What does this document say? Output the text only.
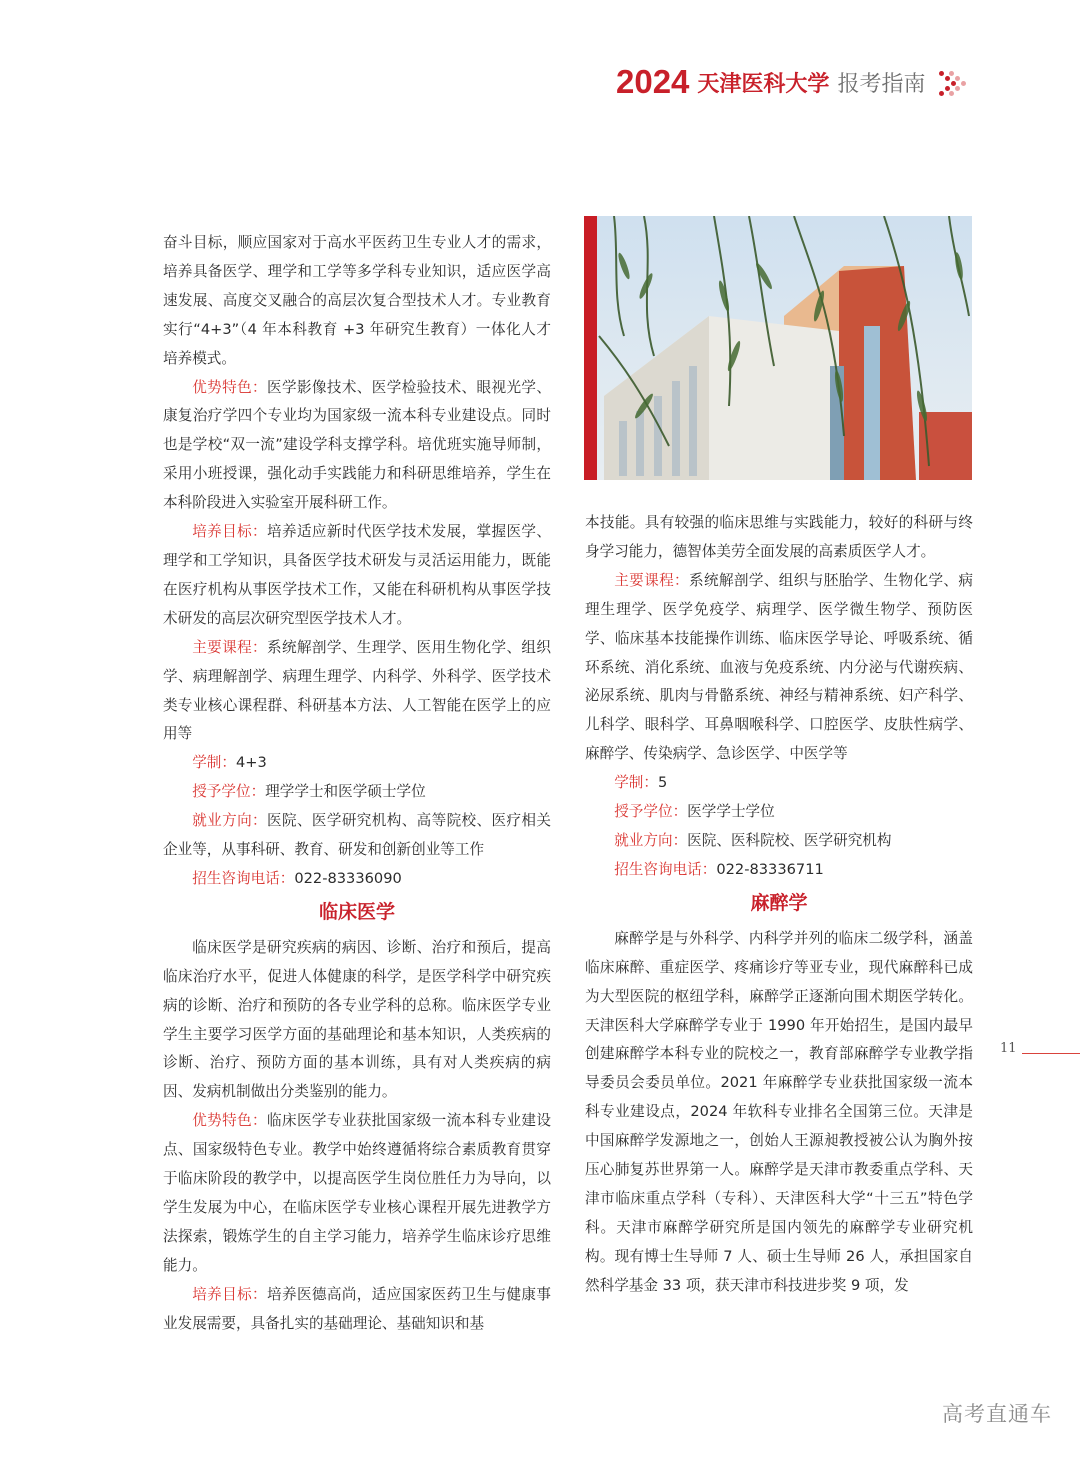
2024 天津医科大学 报考指南

奋斗目标，顺应国家对于高水平医药卫生专业人才的需求，培养具备医学、理学和工学等多学科专业知识，适应医学高速发展、高度交叉融合的高层次复合型技术人才。专业教育实行“4+3”（4 年本科教育 +3 年研究生教育）一体化人才培养模式。

优势特色：医学影像技术、医学检验技术、眼视光学、康复治疗学四个专业均为国家级一流本科专业建设点。同时也是学校“双一流”建设学科支撑学科。培优班实施导师制，采用小班授课，强化动手实践能力和科研思维培养，学生在本科阶段进入实验室开展科研工作。

培养目标：培养适应新时代医学技术发展，掌握医学、理学和工学知识，具备医学技术研发与灵活运用能力，既能在医疗机构从事医学技术工作，又能在科研机构从事医学技术研发的高层次研究型医学技术人才。

主要课程：系统解剖学、生理学、医用生物化学、组织学、病理解剖学、病理生理学、内科学、外科学、医学技术类专业核心课程群、科研基本方法、人工智能在医学上的应用等

学制：4+3

授予学位：理学学士和医学硕士学位

就业方向：医院、医学研究机构、高等院校、医疗相关企业等，从事科研、教育、研发和创新创业等工作

招生咨询电话：022-83336090

临床医学

临床医学是研究疾病的病因、诊断、治疗和预后，提高临床治疗水平，促进人体健康的科学，是医学科学中研究疾病的诊断、治疗和预防的各专业学科的总称。临床医学专业学生主要学习医学方面的基础理论和基本知识，人类疾病的诊断、治疗、预防方面的基本训练，具有对人类疾病的病因、发病机制做出分类鉴别的能力。

优势特色：临床医学专业获批国家级一流本科专业建设点、国家级特色专业。教学中始终遵循将综合素质教育贯穿于临床阶段的教学中，以提高医学生岗位胜任力为导向，以学生发展为中心，在临床医学专业核心课程开展先进教学方法探索，锻炼学生的自主学习能力，培养学生临床诊疗思维能力。

培养目标：培养医德高尚，适应国家医药卫生与健康事业发展需要，具备扎实的基础理论、基础知识和基

本技能。具有较强的临床思维与实践能力，较好的科研与终身学习能力，德智体美劳全面发展的高素质医学人才。

主要课程：系统解剖学、组织与胚胎学、生物化学、病理生理学、医学免疫学、病理学、医学微生物学、预防医学、临床基本技能操作训练、临床医学导论、呼吸系统、循环系统、消化系统、血液与免疫系统、内分泌与代谢疾病、泌尿系统、肌肉与骨骼系统、神经与精神系统、妇产科学、儿科学、眼科学、耳鼻咽喉科学、口腔医学、皮肤性病学、麻醉学、传染病学、急诊医学、中医学等

学制：5

授予学位：医学学士学位

就业方向：医院、医科院校、医学研究机构

招生咨询电话：022-83336711

麻醉学

麻醉学是与外科学、内科学并列的临床二级学科，涵盖临床麻醉、重症医学、疼痛诊疗等亚专业，现代麻醉科已成为大型医院的枢纽学科，麻醉学正逐渐向围术期医学转化。天津医科大学麻醉学专业于 1990 年开始招生，是国内最早创建麻醉学本科专业的院校之一，教育部麻醉学专业教学指导委员会委员单位。2021 年麻醉学专业获批国家级一流本科专业建设点，2024 年软科专业排名全国第三位。天津是中国麻醉学发源地之一，创始人王源昶教授被公认为胸外按压心肺复苏世界第一人。麻醉学是天津市教委重点学科、天津市临床重点学科（专科）、天津医科大学“十三五”特色学科。天津市麻醉学研究所是国内领先的麻醉学专业研究机构。现有博士生导师 7 人、硕士生导师 26 人，承担国家自然科学基金 33 项，获天津市科技进步奖 9 项，发

11
高考直通车
